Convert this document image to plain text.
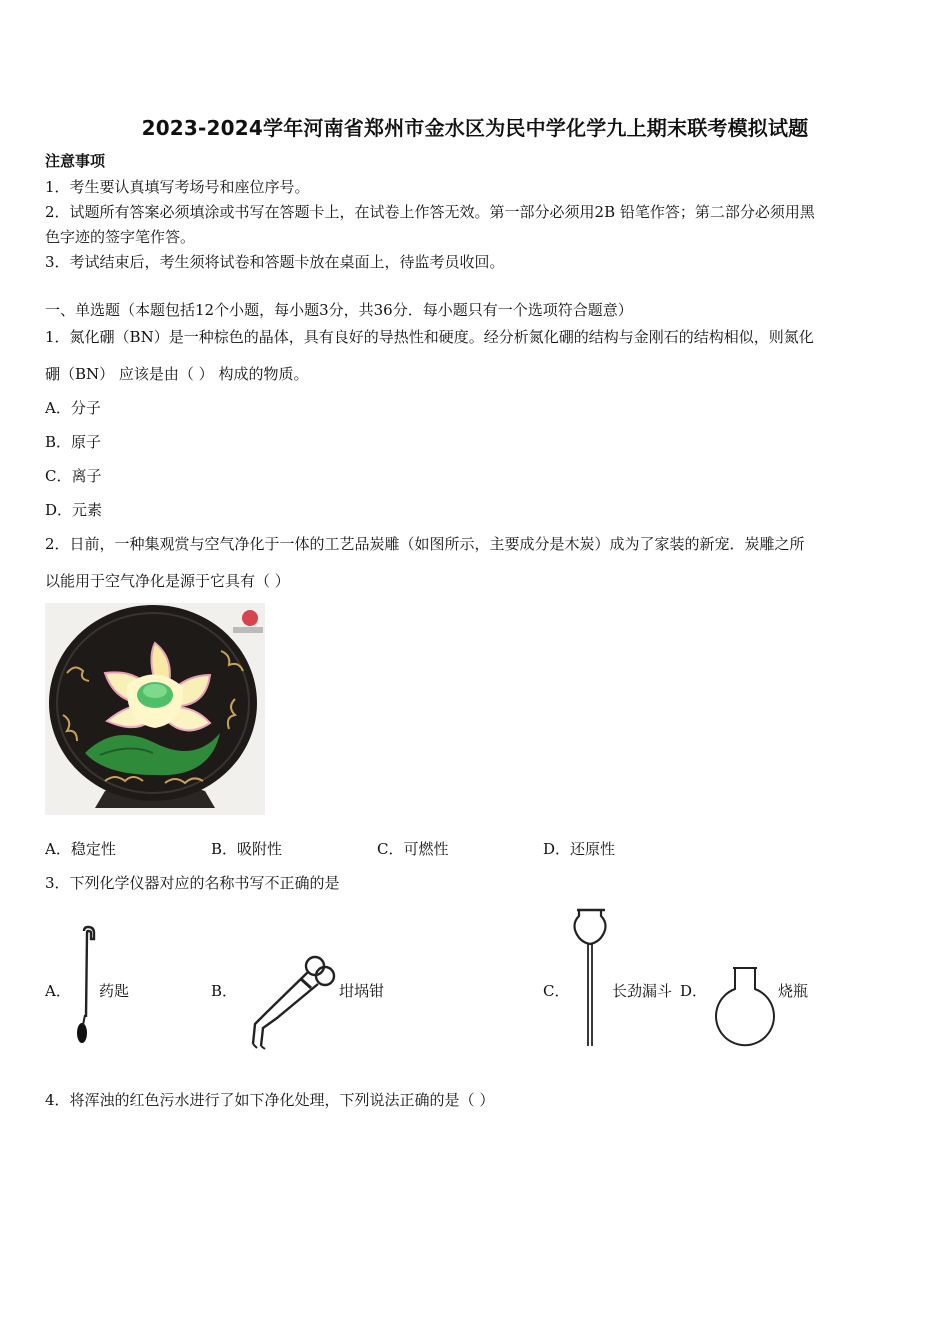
2023-2024学年河南省郑州市金水区为民中学化学九上期末联考模拟试题
注意事项
1．考生要认真填写考场号和座位序号。
2．试题所有答案必须填涂或书写在答题卡上，在试卷上作答无效。第一部分必须用2B 铅笔作答；第二部分必须用黑
色字迹的签字笔作答。
3．考试结束后，考生须将试卷和答题卡放在桌面上，待监考员收回。
一、单选题（本题包括12个小题，每小题3分，共36分．每小题只有一个选项符合题意）
1．氮化硼（BN）是一种棕色的晶体，具有良好的导热性和硬度。经分析氮化硼的结构与金刚石的结构相似，则氮化
硼（BN） 应该是由（ ） 构成的物质。
A．分子
B．原子
C．离子
D．元素
2．日前，一种集观赏与空气净化于一体的工艺品炭雕（如图所示，主要成分是木炭）成为了家装的新宠．炭雕之所
以能用于空气净化是源于它具有（ ）
A．稳定性	B．吸附性	C．可燃性	D．还原性
3．下列化学仪器对应的名称书写不正确的是
A． 药匙	B．	坩埚钳	C．	长劲漏斗 D．	烧瓶
4．将浑浊的红色污水进行了如下净化处理，下列说法正确的是（ ）
